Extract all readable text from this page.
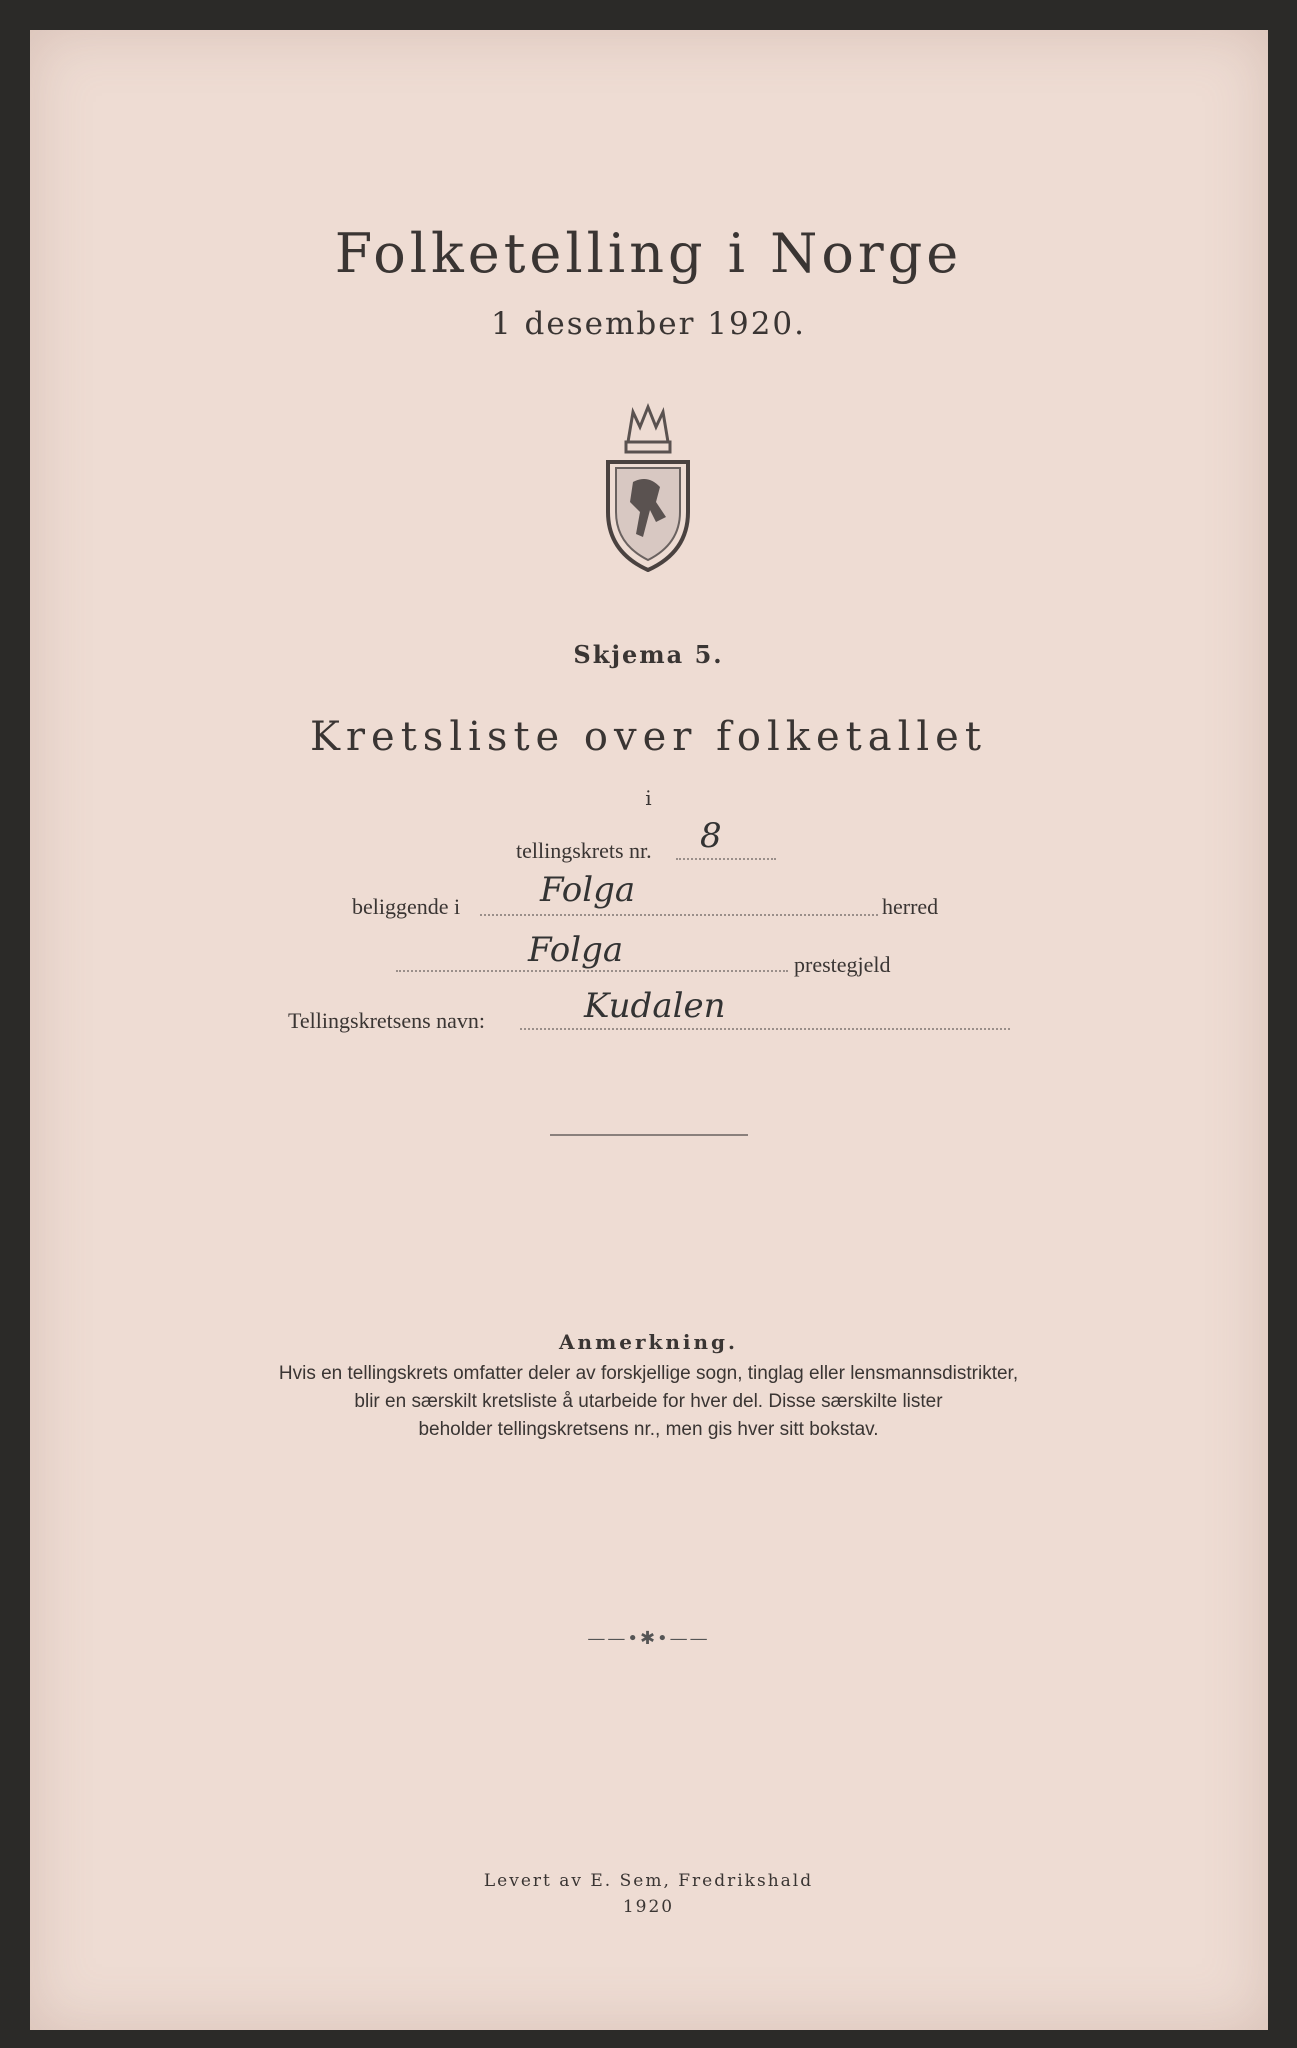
Folketelling i Norge
1 desember 1920.
Skjema 5.
Kretsliste over folketallet
i
tellingskrets nr. 8
beliggende i Folga	herred
Folga	prestegjeld
Tellingskretsens navn:	Kudalen
Anmerkning.
Hvis en tellingskrets omfatter deler av forskjellige sogn, tinglag eller lensmannsdistrikter,
blir en særskilt kretsliste å utarbeide for hver del. Disse særskilte lister
beholder tellingskretsens nr., men gis hver sitt bokstav.
——•✱•——
Levert av E. Sem, Fredrikshald
1920
